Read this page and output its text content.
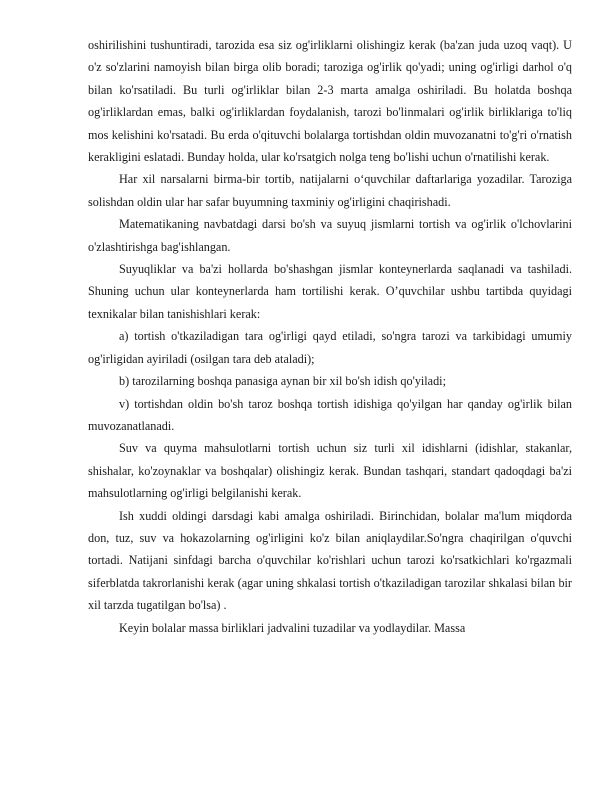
oshirilishini tushuntiradi, tarozida esa siz og'irliklarni olishingiz kerak (ba'zan juda uzoq vaqt). U o'z so'zlarini namoyish bilan birga olib boradi; taroziga og'irlik qo'yadi; uning og'irligi darhol o'q bilan ko'rsatiladi. Bu turli og'irliklar bilan 2-3 marta amalga oshiriladi. Bu holatda boshqa og'irliklardan emas, balki og'irliklardan foydalanish, tarozi bo'linmalari og'irlik birliklariga to'liq mos kelishini ko'rsatadi. Bu erda o'qituvchi bolalarga tortishdan oldin muvozanatni to'g'ri o'rnatish kerakligini eslatadi. Bunday holda, ular ko'rsatgich nolga teng bo'lishi uchun o'rnatilishi kerak.

Har xil narsalarni birma-bir tortib, natijalarni o‘quvchilar daftarlariga yozadilar. Taroziga solishdan oldin ular har safar buyumning taxminiy og'irligini chaqirishadi.

Matematikaning navbatdagi darsi bo'sh va suyuq jismlarni tortish va og'irlik o'lchovlarini o'zlashtirishga bag'ishlangan.

Suyuqliklar va ba'zi hollarda bo'shashgan jismlar konteynerlarda saqlanadi va tashiladi. Shuning uchun ular konteynerlarda ham tortilishi kerak. O’quvchilar ushbu tartibda quyidagi texnikalar bilan tanishishlari kerak:

a) tortish o'tkaziladigan tara og'irligi qayd etiladi, so'ngra tarozi va tarkibidagi umumiy og'irligidan ayiriladi (osilgan tara deb ataladi);

b) tarozilarning boshqa panasiga aynan bir xil bo'sh idish qo'yiladi;

v) tortishdan oldin bo'sh taroz boshqa tortish idishiga qo'yilgan har qanday og'irlik bilan muvozanatlanadi.

Suv va quyma mahsulotlarni tortish uchun siz turli xil idishlarni (idishlar, stakanlar, shishalar, ko'zoynaklar va boshqalar) olishingiz kerak. Bundan tashqari, standart qadoqdagi ba'zi mahsulotlarning og'irligi belgilanishi kerak.

Ish xuddi oldingi darsdagi kabi amalga oshiriladi. Birinchidan, bolalar ma'lum miqdorda don, tuz, suv va hokazolarning og'irligini ko'z bilan aniqlaydilar.So'ngra chaqirilgan o'quvchi tortadi. Natijani sinfdagi barcha o'quvchilar ko'rishlari uchun tarozi ko'rsatkichlari ko'rgazmali siferblatda takrorlanishi kerak (agar uning shkalasi tortish o'tkaziladigan tarozilar shkalasi bilan bir xil tarzda tugatilgan bo'lsa) .

Keyin bolalar massa birliklari jadvalini tuzadilar va yodlaydilar. Massa
